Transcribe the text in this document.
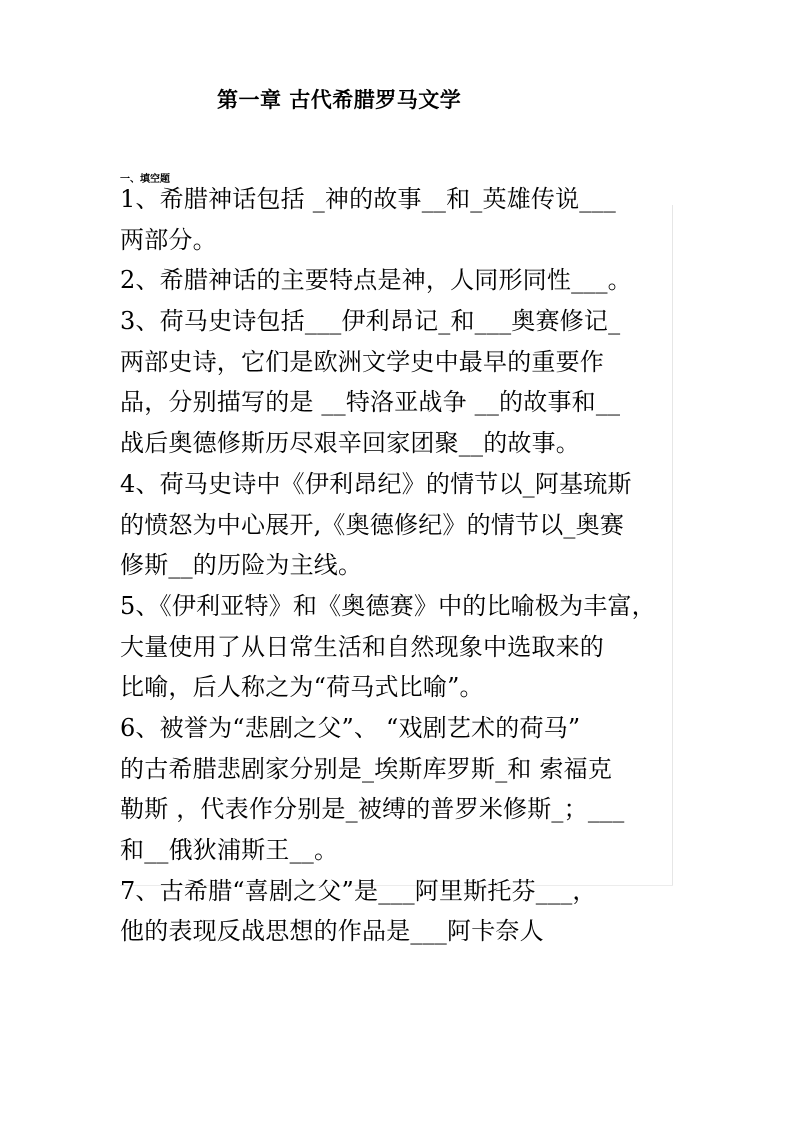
第一章 古代希腊罗马文学
一、填空题
1、希腊神话包括 _神的故事__和_英雄传说___
两部分。
2、希腊神话的主要特点是神，人同形同性___。
3、荷马史诗包括___伊利昂记_和___奥赛修记_
两部史诗，它们是欧洲文学史中最早的重要作
品，分别描写的是 __特洛亚战争 __的故事和__
战后奥德修斯历尽艰辛回家团聚__的故事。
4、荷马史诗中《伊利昂纪》的情节以_阿基琉斯
的愤怒为中心展开,《奥德修纪》的情节以_奥赛
修斯__的历险为主线。
5、《伊利亚特》和《奥德赛》中的比喻极为丰富，
大量使用了从日常生活和自然现象中选取来的
比喻，后人称之为“荷马式比喻”。
6、被誉为“悲剧之父”、 “戏剧艺术的荷马”
的古希腊悲剧家分别是_埃斯库罗斯_和 索福克
勒斯 ，代表作分别是_被缚的普罗米修斯_；___
和__俄狄浦斯王__。
7、古希腊“喜剧之父”是___阿里斯托芬___，
他的表现反战思想的作品是___阿卡奈人
